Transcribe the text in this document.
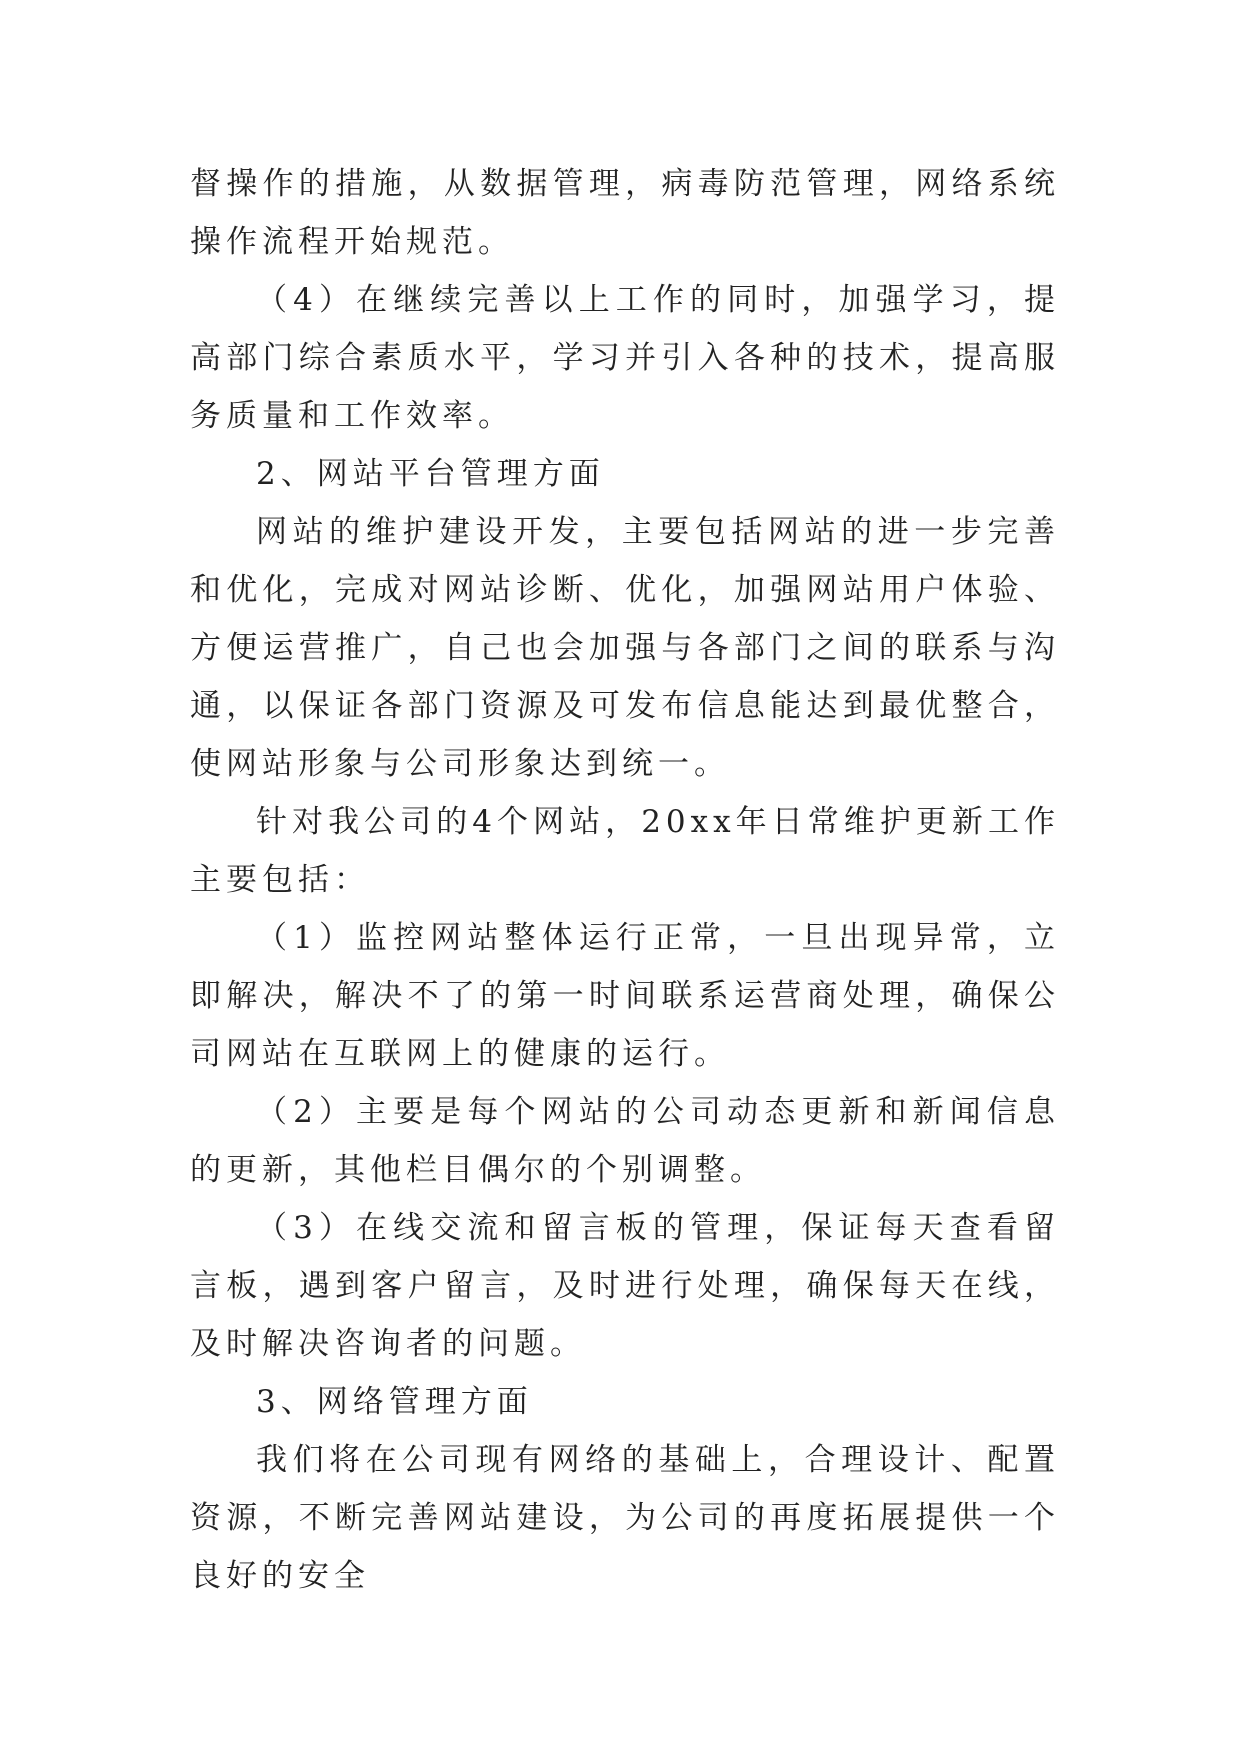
督操作的措施，从数据管理，病毒防范管理，网络系统操作流程开始规范。

（4）在继续完善以上工作的同时，加强学习，提高部门综合素质水平，学习并引入各种的技术，提高服务质量和工作效率。

2、网站平台管理方面

网站的维护建设开发，主要包括网站的进一步完善和优化，完成对网站诊断、优化，加强网站用户体验、方便运营推广，自己也会加强与各部门之间的联系与沟通，以保证各部门资源及可发布信息能达到最优整合，使网站形象与公司形象达到统一。

针对我公司的4个网站，20xx年日常维护更新工作主要包括：

（1）监控网站整体运行正常，一旦出现异常，立即解决，解决不了的第一时间联系运营商处理，确保公司网站在互联网上的健康的运行。

（2）主要是每个网站的公司动态更新和新闻信息的更新，其他栏目偶尔的个别调整。

（3）在线交流和留言板的管理，保证每天查看留言板，遇到客户留言，及时进行处理，确保每天在线，及时解决咨询者的问题。

3、网络管理方面

我们将在公司现有网络的基础上，合理设计、配置资源，不断完善网站建设，为公司的再度拓展提供一个良好的安全
